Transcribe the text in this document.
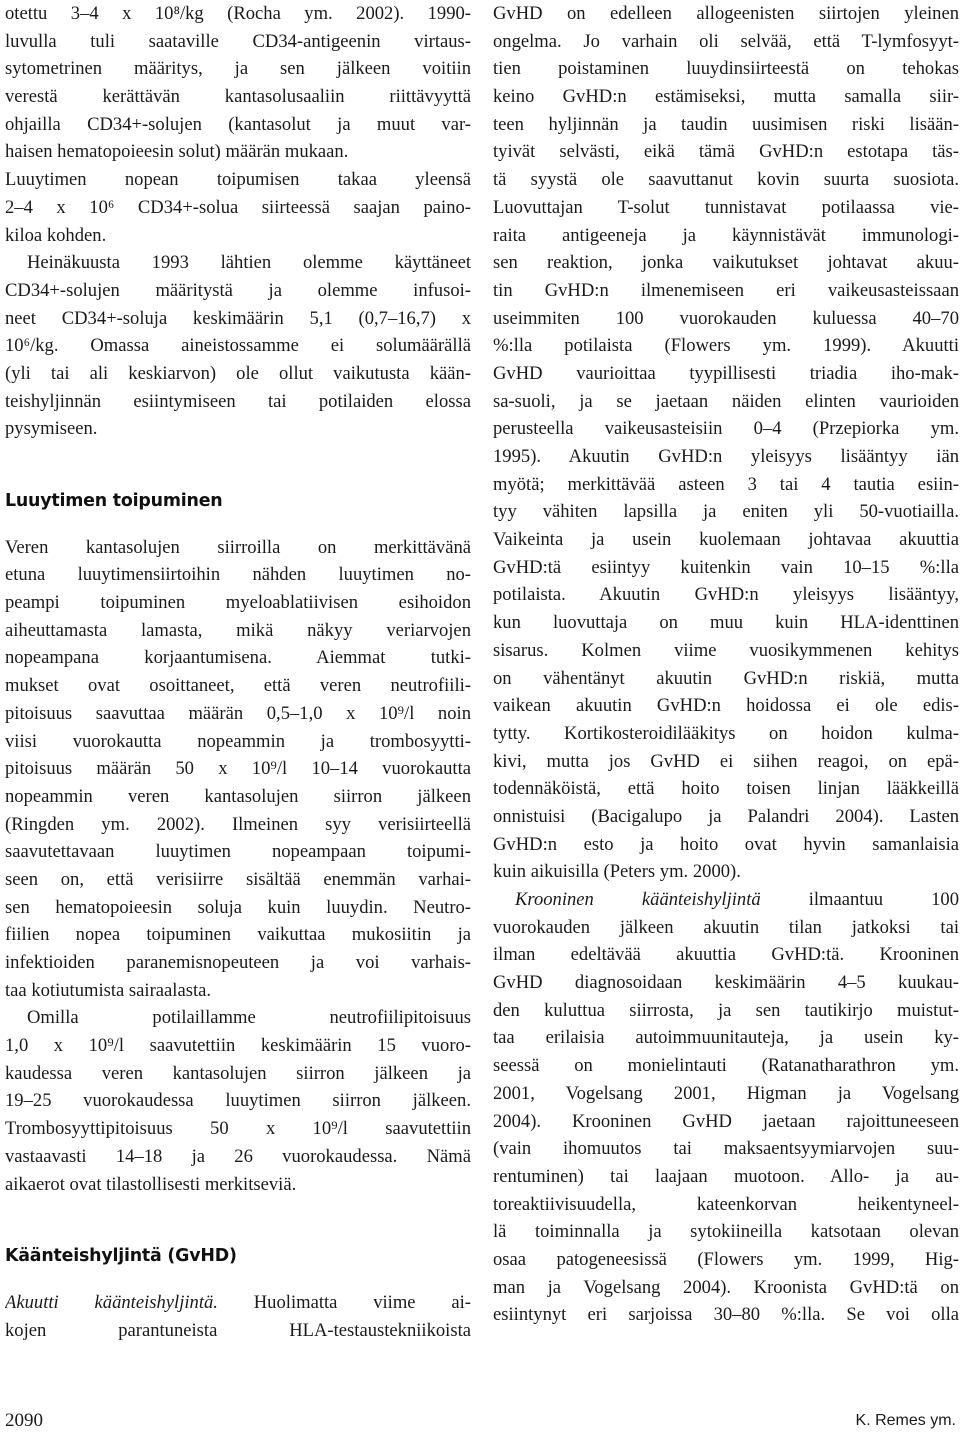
otettu 3–4 x 10⁸/kg (Rocha ym. 2002). 1990-
luvulla tuli saataville CD34-antigeenin virtaus-
sytometrinen määritys, ja sen jälkeen voitiin
verestä kerättävän kantasolusaaliin riittävyyttä
ohjailla CD34+-solujen (kantasolut ja muut var-
haisen hematopoieesin solut) määrän mukaan.
Luuytimen nopean toipumisen takaa yleensä
2–4 x 10⁶ CD34+-solua siirteessä saajan paino-
kiloa kohden.
Heinäkuusta 1993 lähtien olemme käyttäneet
CD34+-solujen määritystä ja olemme infusoi-
neet CD34+-soluja keskimäärin 5,1 (0,7–16,7) x
10⁶/kg. Omassa aineistossamme ei solumäärällä
(yli tai ali keskiarvon) ole ollut vaikutusta kään-
teishyljinnän esiintymiseen tai potilaiden elossa
pysymiseen.
Luuytimen toipuminen
Veren kantasolujen siirroilla on merkittävänä
etuna luuytimensiirtoihin nähden luuytimen no-
peampi toipuminen myeloablatiivisen esihoidon
aiheuttamasta lamasta, mikä näkyy veriarvojen
nopeampana korjaantumisena. Aiemmat tutki-
mukset ovat osoittaneet, että veren neutrofiili-
pitoisuus saavuttaa määrän 0,5–1,0 x 10⁹/l noin
viisi vuorokautta nopeammin ja trombosyytti-
pitoisuus määrän 50 x 10⁹/l 10–14 vuorokautta
nopeammin veren kantasolujen siirron jälkeen
(Ringden ym. 2002). Ilmeinen syy verisiirteellä
saavutettavaan luuytimen nopeampaan toipumi-
seen on, että verisiirre sisältää enemmän varhai-
sen hematopoieesin soluja kuin luuydin. Neutro-
fiilien nopea toipuminen vaikuttaa mukosiitin ja
infektioiden paranemisnopeuteen ja voi varhais-
taa kotiutumista sairaalasta.
Omilla potilaillamme neutrofiilipitoisuus
1,0 x 10⁹/l saavutettiin keskimäärin 15 vuoro-
kaudessa veren kantasolujen siirron jälkeen ja
19–25 vuorokaudessa luuytimen siirron jälkeen.
Trombosyyttipitoisuus 50 x 10⁹/l saavutettiin
vastaavasti 14–18 ja 26 vuorokaudessa. Nämä
aikaerot ovat tilastollisesti merkitseviä.
Käänteishyljintä (GvHD)
Akuutti käänteishyljintä. Huolimatta viime ai-
kojen parantuneista HLA-testaustekniikoista
GvHD on edelleen allogeenisten siirtojen yleinen
ongelma. Jo varhain oli selvää, että T-lymfosyyt-
tien poistaminen luuydinsiirteestä on tehokas
keino GvHD:n estämiseksi, mutta samalla siir-
teen hyljinnän ja taudin uusimisen riski lisään-
tyivät selvästi, eikä tämä GvHD:n estotapa täs-
tä syystä ole saavuttanut kovin suurta suosiota.
Luovuttajan T-solut tunnistavat potilaassa vie-
raita antigeeneja ja käynnistävät immunologi-
sen reaktion, jonka vaikutukset johtavat akuu-
tin GvHD:n ilmenemiseen eri vaikeusasteissaan
useimmiten 100 vuorokauden kuluessa 40–70
%:lla potilaista (Flowers ym. 1999). Akuutti
GvHD vaurioittaa tyypillisesti triadia iho-mak-
sa-suoli, ja se jaetaan näiden elinten vaurioiden
perusteella vaikeusasteisiin 0–4 (Przepiorka ym.
1995). Akuutin GvHD:n yleisyys lisääntyy iän
myötä; merkittävää asteen 3 tai 4 tautia esiin-
tyy vähiten lapsilla ja eniten yli 50-vuotiailla.
Vaikeinta ja usein kuolemaan johtavaa akuuttia
GvHD:tä esiintyy kuitenkin vain 10–15 %:lla
potilaista. Akuutin GvHD:n yleisyys lisääntyy,
kun luovuttaja on muu kuin HLA-identtinen
sisarus. Kolmen viime vuosikymmenen kehitys
on vähentänyt akuutin GvHD:n riskiä, mutta
vaikean akuutin GvHD:n hoidossa ei ole edis-
tytty. Kortikosteroidilääkitys on hoidon kulma-
kivi, mutta jos GvHD ei siihen reagoi, on epä-
todennäköistä, että hoito toisen linjan lääkkeillä
onnistuisi (Bacigalupo ja Palandri 2004). Lasten
GvHD:n esto ja hoito ovat hyvin samanlaisia
kuin aikuisilla (Peters ym. 2000).
Krooninen käänteishyljintä ilmaantuu 100
vuorokauden jälkeen akuutin tilan jatkoksi tai
ilman edeltävää akuuttia GvHD:tä. Krooninen
GvHD diagnosoidaan keskimäärin 4–5 kuukau-
den kuluttua siirrosta, ja sen tautikirjo muistut-
taa erilaisia autoimmuunitauteja, ja usein ky-
seessä on monielintauti (Ratanatharathron ym.
2001, Vogelsang 2001, Higman ja Vogelsang
2004). Krooninen GvHD jaetaan rajoittuneeseen
(vain ihomuutos tai maksaentsyymiarvojen suu-
rentuminen) tai laajaan muotoon. Allo- ja au-
toreaktiivisuudella, kateenkorvan heikentyneel-
lä toiminnalla ja sytokiineilla katsotaan olevan
osaa patogeneesissä (Flowers ym. 1999, Hig-
man ja Vogelsang 2004). Kroonista GvHD:tä on
esiintynyt eri sarjoissa 30–80 %:lla. Se voi olla
2090	K. Remes ym.
